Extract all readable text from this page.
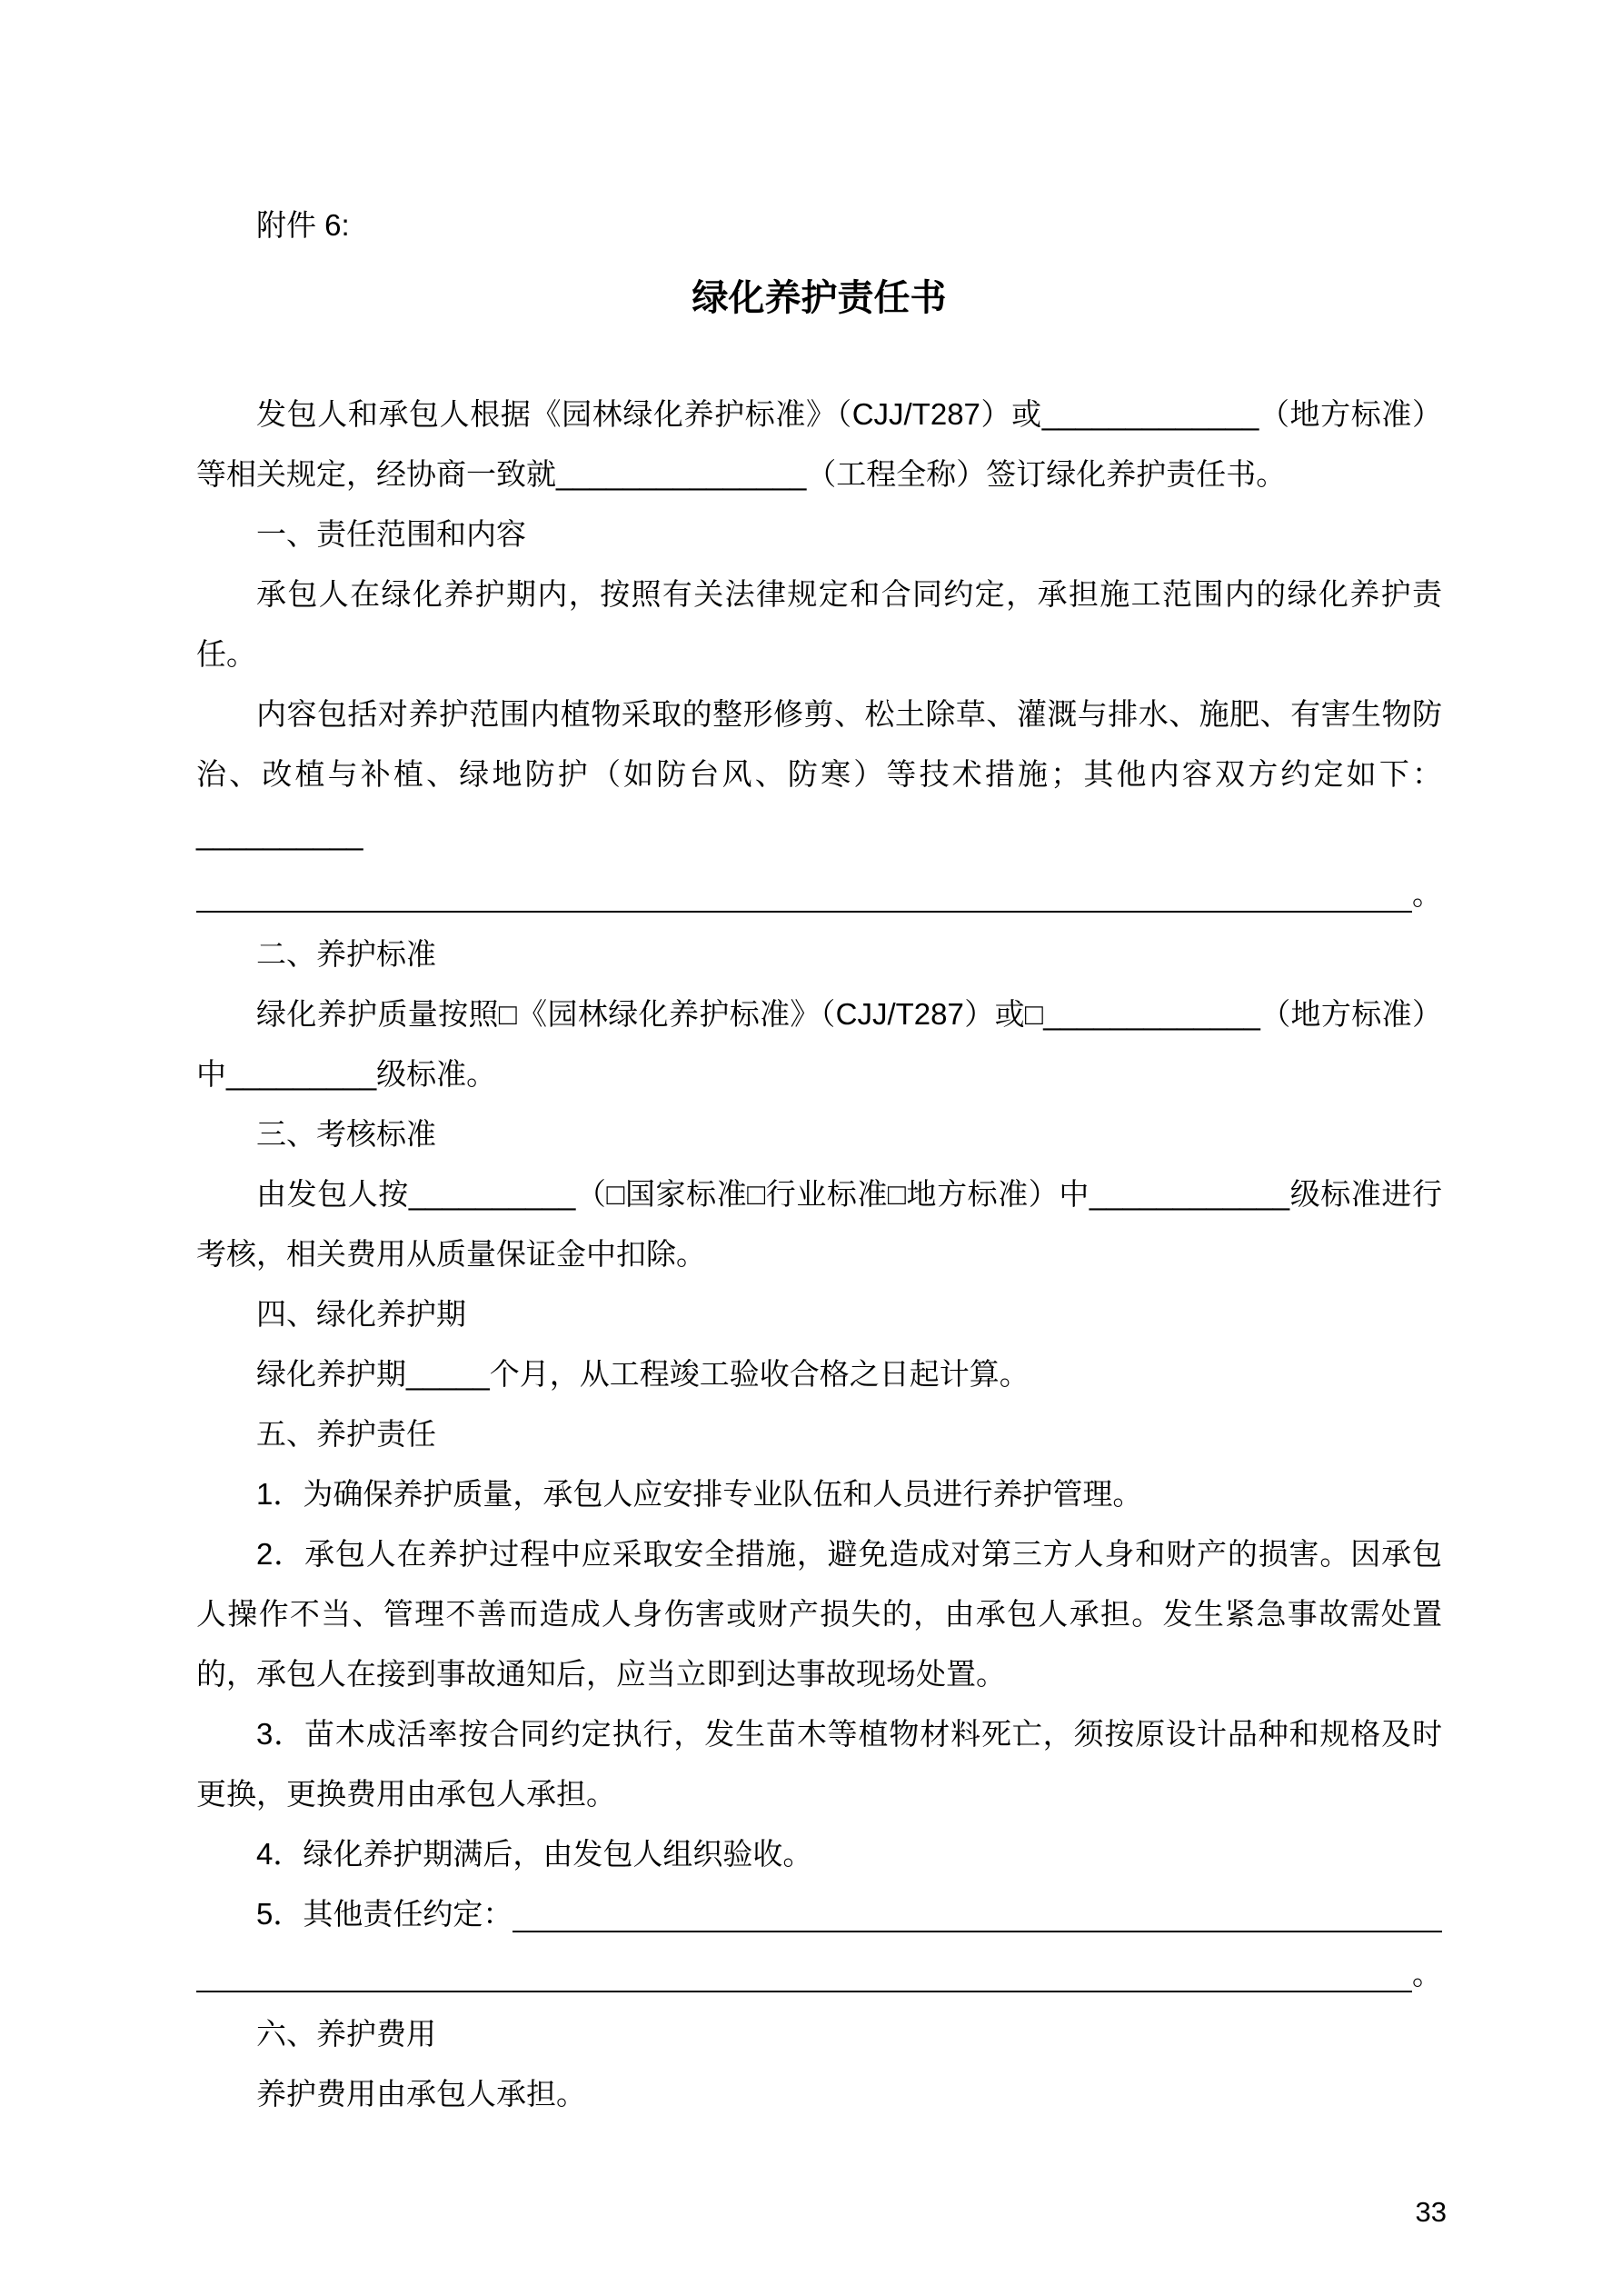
附件 6:

绿化养护责任书

发包人和承包人根据《园林绿化养护标准》（CJJ/T287）或_____________（地方标准）等相关规定，经协商一致就_______________（工程全称）签订绿化养护责任书。

一、责任范围和内容

承包人在绿化养护期内，按照有关法律规定和合同约定，承担施工范围内的绿化养护责任。

内容包括对养护范围内植物采取的整形修剪、松土除草、灌溉与排水、施肥、有害生物防治、改植与补植、绿地防护（如防台风、防寒）等技术措施；其他内容双方约定如下：__________

。

二、养护标准

绿化养护质量按照□《园林绿化养护标准》（CJJ/T287）或□_____________（地方标准）中_________级标准。

三、考核标准

由发包人按__________（□国家标准□行业标准□地方标准）中____________级标准进行考核，相关费用从质量保证金中扣除。

四、绿化养护期

绿化养护期_____个月，从工程竣工验收合格之日起计算。

五、养护责任

1．为确保养护质量，承包人应安排专业队伍和人员进行养护管理。

2．承包人在养护过程中应采取安全措施，避免造成对第三方人身和财产的损害。因承包人操作不当、管理不善而造成人身伤害或财产损失的，由承包人承担。发生紧急事故需处置的，承包人在接到事故通知后，应当立即到达事故现场处置。

3．苗木成活率按合同约定执行，发生苗木等植物材料死亡，须按原设计品种和规格及时更换，更换费用由承包人承担。

4．绿化养护期满后，由发包人组织验收。

5．其他责任约定：

。

六、养护费用

养护费用由承包人承担。

33
